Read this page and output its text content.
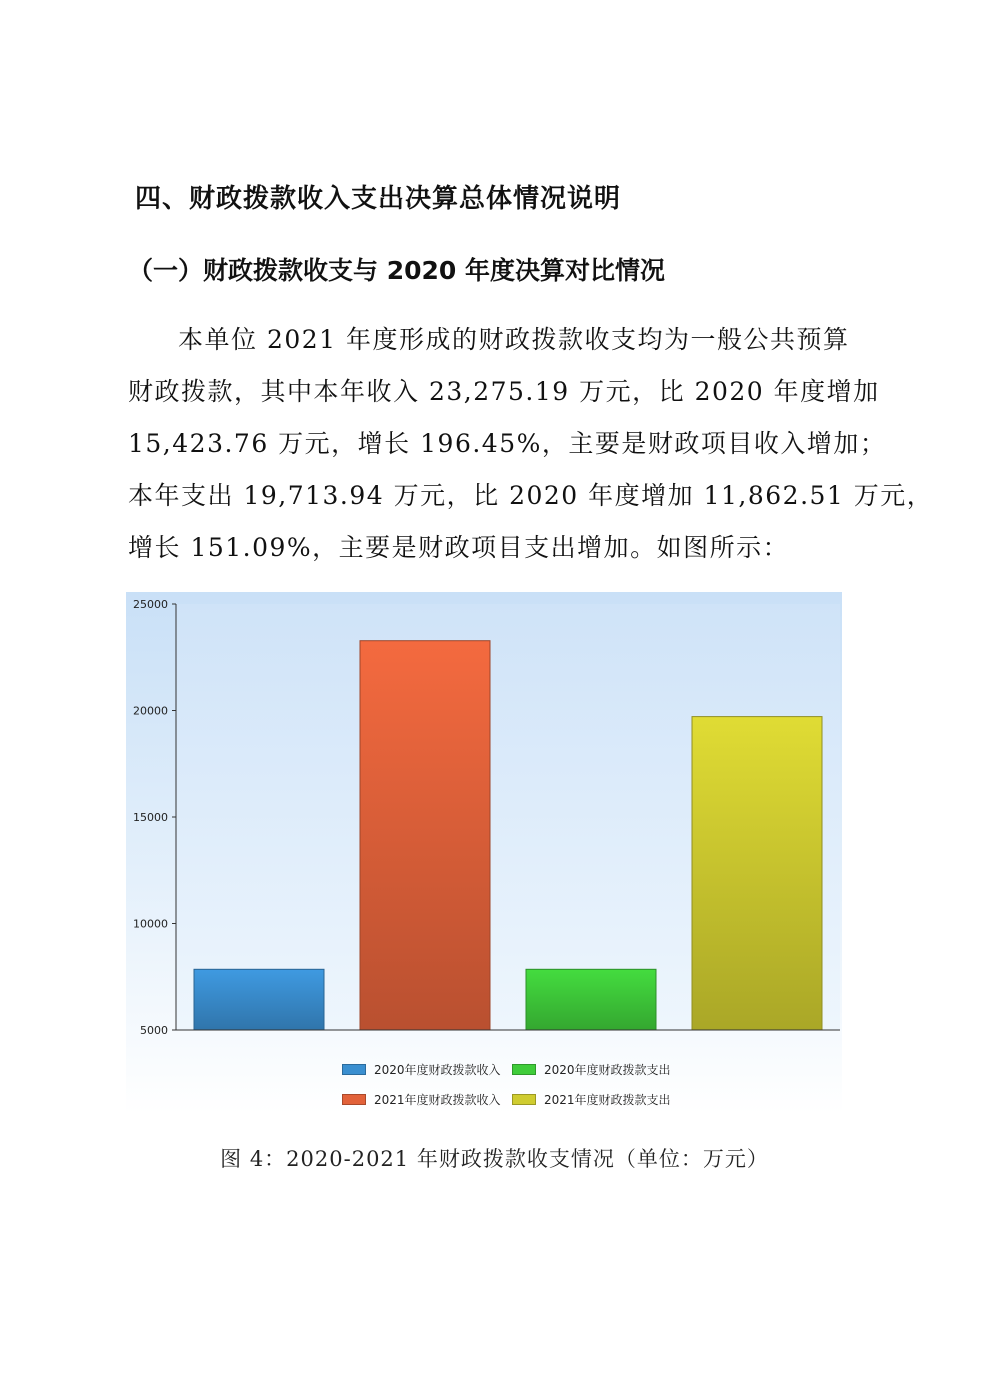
四、财政拨款收入支出决算总体情况说明
（一）财政拨款收支与 2020 年度决算对比情况
本单位 2021 年度形成的财政拨款收支均为一般公共预算
财政拨款，其中本年收入 23,275.19 万元，比 2020 年度增加
15,423.76 万元，增长 196.45%，主要是财政项目收入增加；
本年支出 19,713.94 万元，比 2020 年度增加 11,862.51 万元，
增长 151.09%，主要是财政项目支出增加。如图所示：
25000
20000
15000
10000
5000
2020年度财政拨款收入	2020年度财政拨款支出
2021年度财政拨款收入	2021年度财政拨款支出
图 4：2020-2021 年财政拨款收支情况（单位：万元）
